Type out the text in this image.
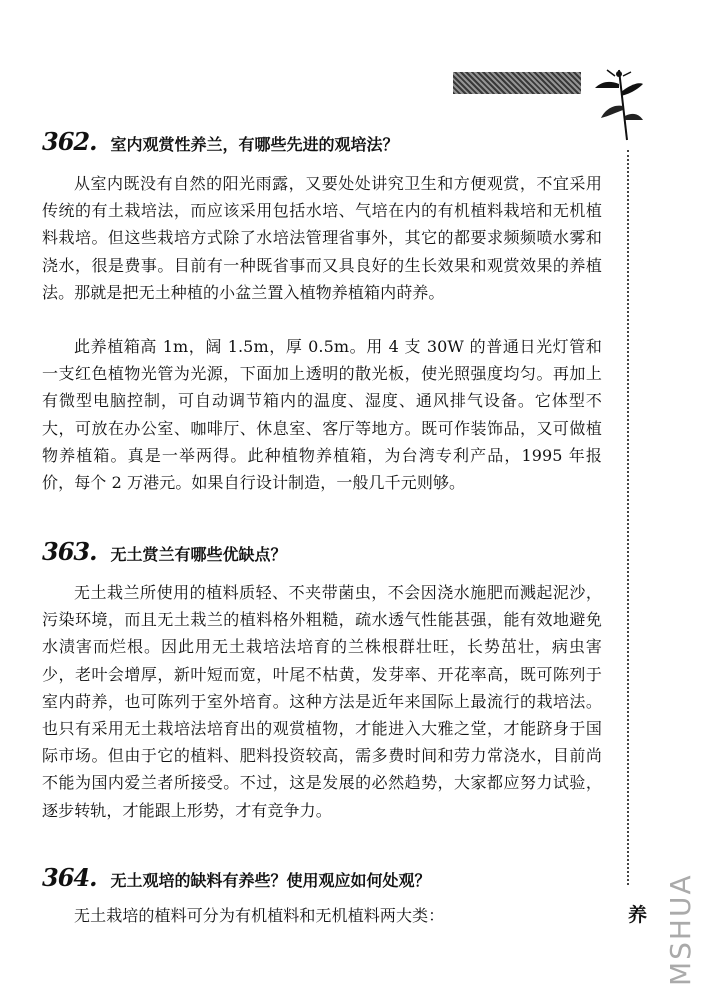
养 MSHUA
362 .	室内观赏性养兰，有哪些先进的观培法？

从室内既没有自然的阳光雨露，又要处处讲究卫生和方便观赏，不宜采用传统的有土栽培法，而应该采用包括水培、气培在内的有机植料栽培和无机植料栽培。但这些栽培方式除了水培法管理省事外，其它的都要求频频喷水雾和浇水，很是费事。目前有一种既省事而又具良好的生长效果和观赏效果的养植法。那就是把无土种植的小盆兰置入植物养植箱内莳养。

此养植箱高 1m，阔 1.5m，厚 0.5m。用 4 支 30W 的普通日光灯管和一支红色植物光管为光源，下面加上透明的散光板，使光照强度均匀。再加上有微型电脑控制，可自动调节箱内的温度、湿度、通风排气设备。它体型不大，可放在办公室、咖啡厅、休息室、客厅等地方。既可作装饰品，又可做植物养植箱。真是一举两得。此种植物养植箱，为台湾专利产品，1995 年报价，每个 2 万港元。如果自行设计制造，一般几千元则够。

363 .	无土赏兰有哪些优缺点？

无土栽兰所使用的植料质轻、不夹带菌虫，不会因浇水施肥而溅起泥沙，污染环境，而且无土栽兰的植料格外粗糙，疏水透气性能甚强，能有效地避免水渍害而烂根。因此用无土栽培法培育的兰株根群壮旺，长势茁壮，病虫害少，老叶会增厚，新叶短而宽，叶尾不枯黄，发芽率、开花率高，既可陈列于室内莳养，也可陈列于室外培育。这种方法是近年来国际上最流行的栽培法。也只有采用无土栽培法培育出的观赏植物，才能进入大雅之堂，才能跻身于国际市场。但由于它的植料、肥料投资较高，需多费时间和劳力常浇水，目前尚不能为国内爱兰者所接受。不过，这是发展的必然趋势，大家都应努力试验，逐步转轨，才能跟上形势，才有竞争力。

364 .	无土观培的缺料有养些？使用观应如何处观？

无土栽培的植料可分为有机植料和无机植料两大类：
